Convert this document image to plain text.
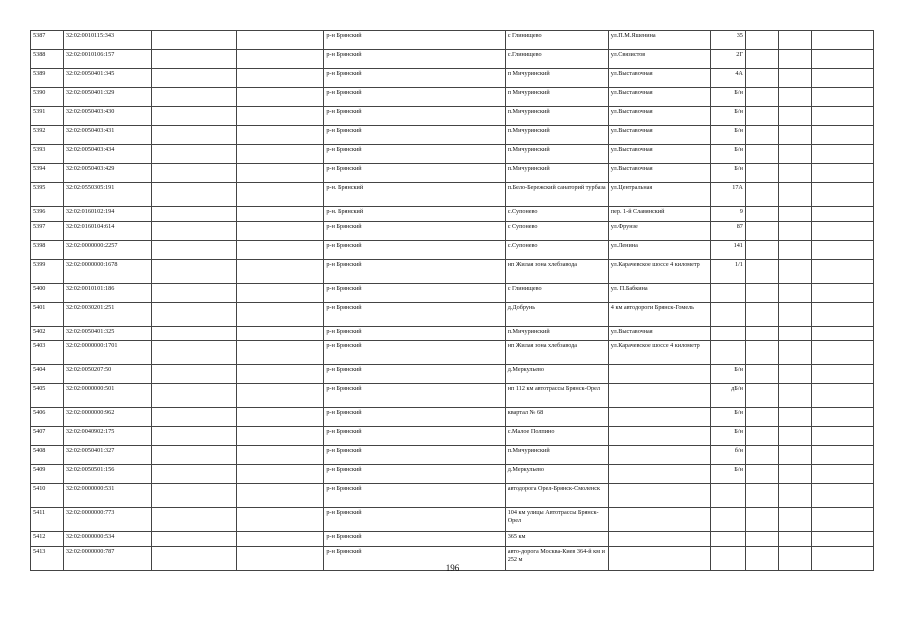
5387	32:02:0010115:343			р-н Брянский	с Глинищево	ул.П.М.Яшенина	35			
5388	32:02:0010106:157			р-н Брянский	с.Глинищево	ул.Связистов	2Г			
5389	32:02:0050401:345			р-н Брянский	п Мичуринский	ул.Выставочная	4А			
5390	32:02:0050401:329			р-н Брянский	п Мичуринский	ул.Выставочная	Б/н			
5391	32:02:0050403:430			р-н Брянский	п.Мичуринский	ул.Выставочная	Б/н			
5392	32:02:0050403:431			р-н Брянский	п.Мичуринский	ул.Выставочная	Б/н			
5393	32:02:0050403:434			р-н Брянский	п.Мичуринский	ул.Выставочная	Б/н			
5394	32:02:0050403:429			р-н Брянский	п.Мичуринский	ул.Выставочная	Б/н			
5395	32:02:0550305:191			р-н. Брянский	п.Бело-Бережский санаторий турбаза	ул.Центральная	17А			
5396	32:02:0160102:194			р-н. Брянский	с.Супонево	пер. 1-й Славянский	9			
5397	32:02:0160104:614			р-н Брянский	с Супонево	ул.Фрунзе	87			
5398	32:02:0000000:2257			р-н Брянский	с.Супонево	ул.Ленина	141			
5399	32:02:0000000:1678			р-н Брянский	нп Жилая зона хлебзавода	ул.Карачевское шоссе 4 километр	1/1			
5400	32:02:0010101:186			р-н Брянский	с Глинищево	ул. П.Бабкина				
5401	32:02:0030201:251			р-н Брянский	д.Добрунь	4 км автодороги Брянск-Гомель				
5402	32:02:0050401:325			р-н Брянский	п.Мичуринский	ул.Выставочная				
5403	32:02:0000000:1701			р-н Брянский	нп Жилая зона хлебзавода	ул.Карачевское шоссе 4 километр				
5404	32:02:0050207:50			р-н Брянский	д.Меркульево		Б/н			
5405	32:02:0000000:501			р-н Брянский	нп 112 км автотрассы Брянск-Орел		дБ/н			
5406	32:02:0000000:962			р-н Брянский	квартал № 68		Б/н			
5407	32:02:0040902:175			р-н Брянский	с.Малое Полпино		Б/н			
5408	32:02:0050401:327			р-н Брянский	п.Мичуринский		б/н			
5409	32:02:0050501:156			р-н Брянский	д.Меркульево		Б/н			
5410	32:02:0000000:531			р-н Брянский	автодорога Орел-Брянск-Смоленск					
5411	32:02:0000000:773			р-н Брянский	104 км улицы Автотрассы Брянск-Орел					
5412	32:02:0000000:534			р-н Брянский	365 км					
5413	32:02:0000000:787			р-н Брянский	авто-дорога Москва-Киев 364-й км и 252 м					
196
